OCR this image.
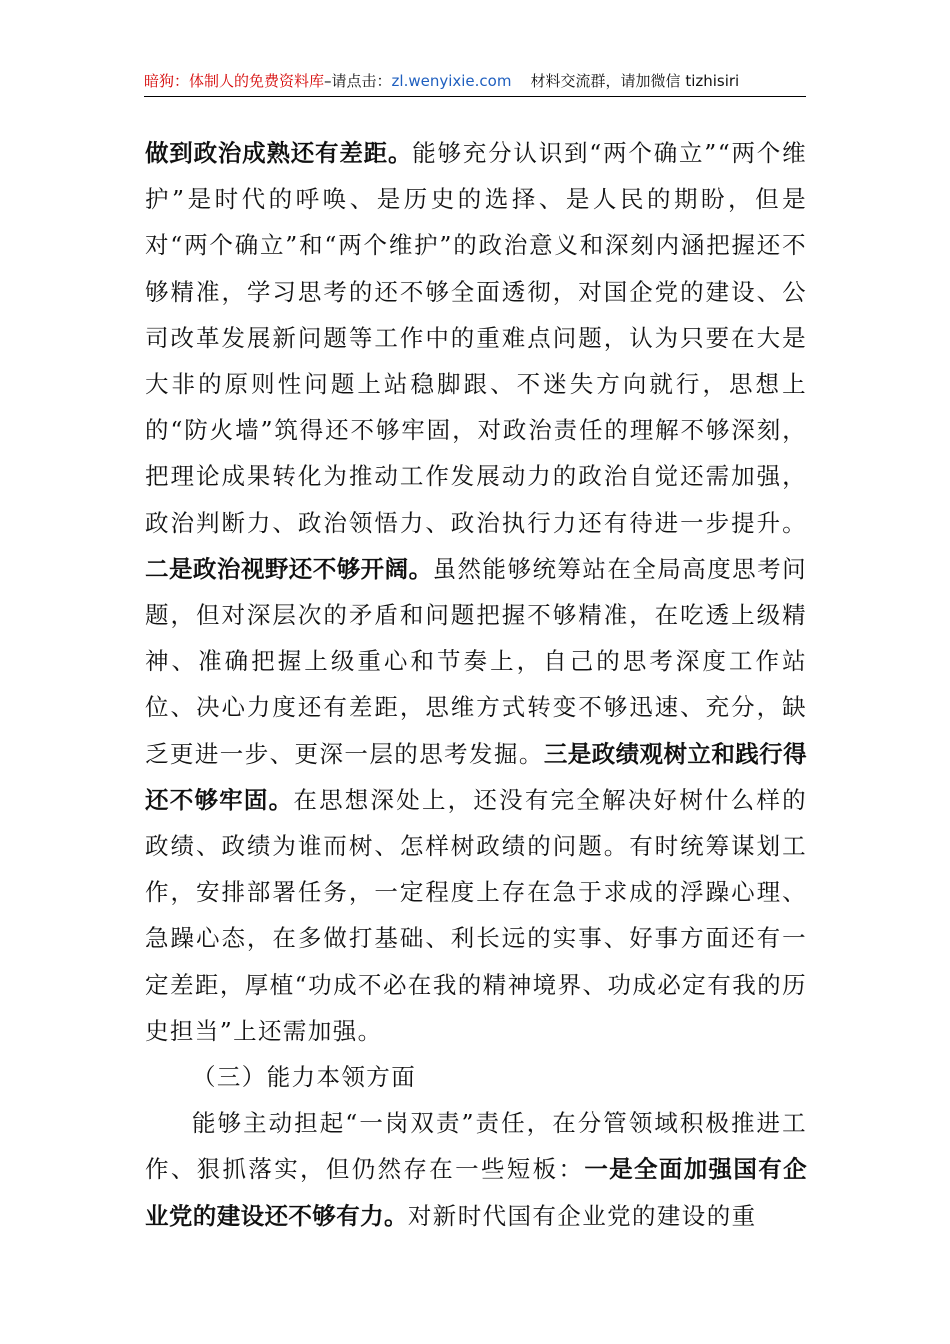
暗狗：体制人的免费资料库–请点击：zl.wenyixie.com 材料交流群，请加微信 tizhisiri

做到政治成熟还有差距。能够充分认识到“两个确立”“两个维护”是时代的呼唤、是历史的选择、是人民的期盼，但是对“两个确立”和“两个维护”的政治意义和深刻内涵把握还不够精准，学习思考的还不够全面透彻，对国企党的建设、公司改革发展新问题等工作中的重难点问题，认为只要在大是大非的原则性问题上站稳脚跟、不迷失方向就行，思想上的“防火墙”筑得还不够牢固，对政治责任的理解不够深刻，把理论成果转化为推动工作发展动力的政治自觉还需加强，政治判断力、政治领悟力、政治执行力还有待进一步提升。二是政治视野还不够开阔。虽然能够统筹站在全局高度思考问题，但对深层次的矛盾和问题把握不够精准，在吃透上级精神、准确把握上级重心和节奏上，自己的思考深度工作站位、决心力度还有差距，思维方式转变不够迅速、充分，缺乏更进一步、更深一层的思考发掘。三是政绩观树立和践行得还不够牢固。在思想深处上，还没有完全解决好树什么样的政绩、政绩为谁而树、怎样树政绩的问题。有时统筹谋划工作，安排部署任务，一定程度上存在急于求成的浮躁心理、急躁心态，在多做打基础、利长远的实事、好事方面还有一定差距，厚植“功成不必在我的精神境界、功成必定有我的历史担当”上还需加强。

（三）能力本领方面

能够主动担起“一岗双责”责任，在分管领域积极推进工作、狠抓落实，但仍然存在一些短板：一是全面加强国有企业党的建设还不够有力。对新时代国有企业党的建设的重
